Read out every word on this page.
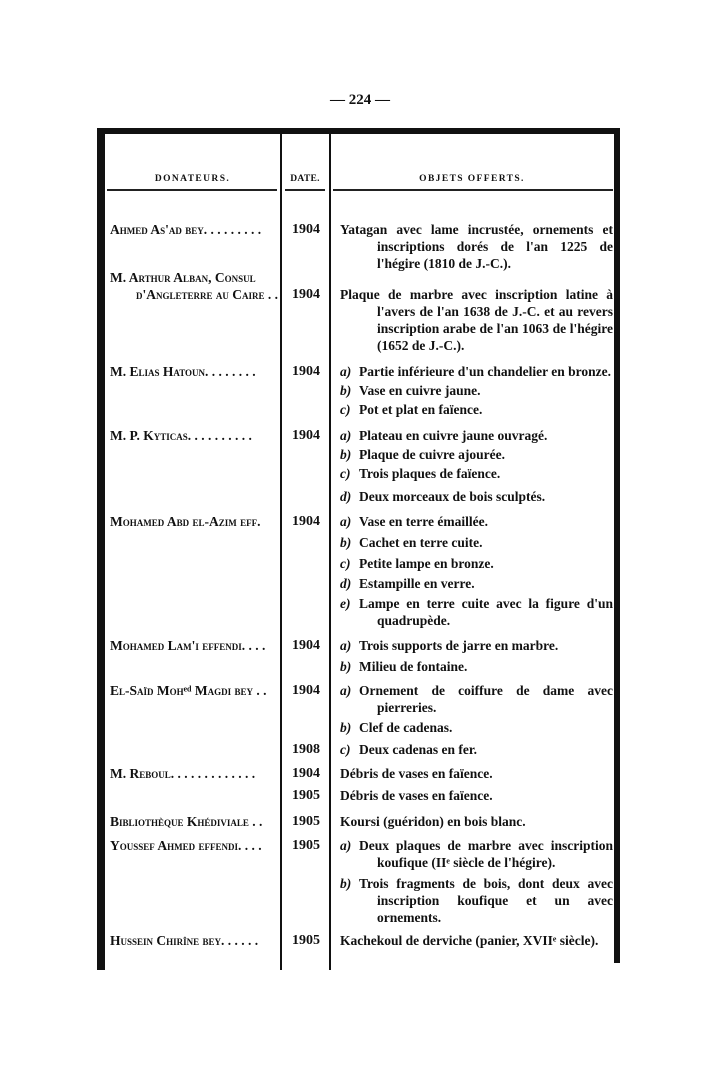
— 224 —
DONATEURS.	DATE.	OBJETS OFFERTS.
Ahmed As'ad bey. . . . . . . . .	1904	Yatagan avec lame incrustée, ornements et inscriptions dorés de l'an 1225 de l'hégire (1810 de J.-C.).
M. Arthur Alban, Consul
d'Angleterre au Caire . .	1904	Plaque de marbre avec inscription latine à l'avers de l'an 1638 de J.-C. et au revers inscription arabe de l'an 1063 de l'hégire (1652 de J.-C.).
M. Elias Hatoun. . . . . . . .	1904	a) Partie inférieure d'un chandelier en bronze.
b) Vase en cuivre jaune.
c) Pot et plat en faïence.
M. P. Kyticas. . . . . . . . . .	1904	a) Plateau en cuivre jaune ouvragé.
b) Plaque de cuivre ajourée.
c) Trois plaques de faïence.
d) Deux morceaux de bois sculptés.
Mohamed Abd el-Azim eff.	1904	a) Vase en terre émaillée.
b) Cachet en terre cuite.
c) Petite lampe en bronze.
d) Estampille en verre.
e) Lampe en terre cuite avec la figure d'un quadrupède.
Mohamed Lam'i effendi. . . .	1904	a) Trois supports de jarre en marbre.
b) Milieu de fontaine.
El-Saïd Mohᵉᵈ Magdi bey . .	1904	a) Ornement de coiffure de dame avec pierreries.
b) Clef de cadenas.
1908	c) Deux cadenas en fer.
M. Reboul. . . . . . . . . . . . .	1904	Débris de vases en faïence.
1905	Débris de vases en faïence.
Bibliothèque Khédiviale . .	1905	Koursi (guéridon) en bois blanc.
Youssef Ahmed effendi. . . .	1905	a) Deux plaques de marbre avec inscription koufique (IIᵉ siècle de l'hégire).
b) Trois fragments de bois, dont deux avec inscription koufique et un avec ornements.
Hussein Chirîne bey. . . . . .	1905	Kachekoul de derviche (panier, XVIIᵉ siècle).
